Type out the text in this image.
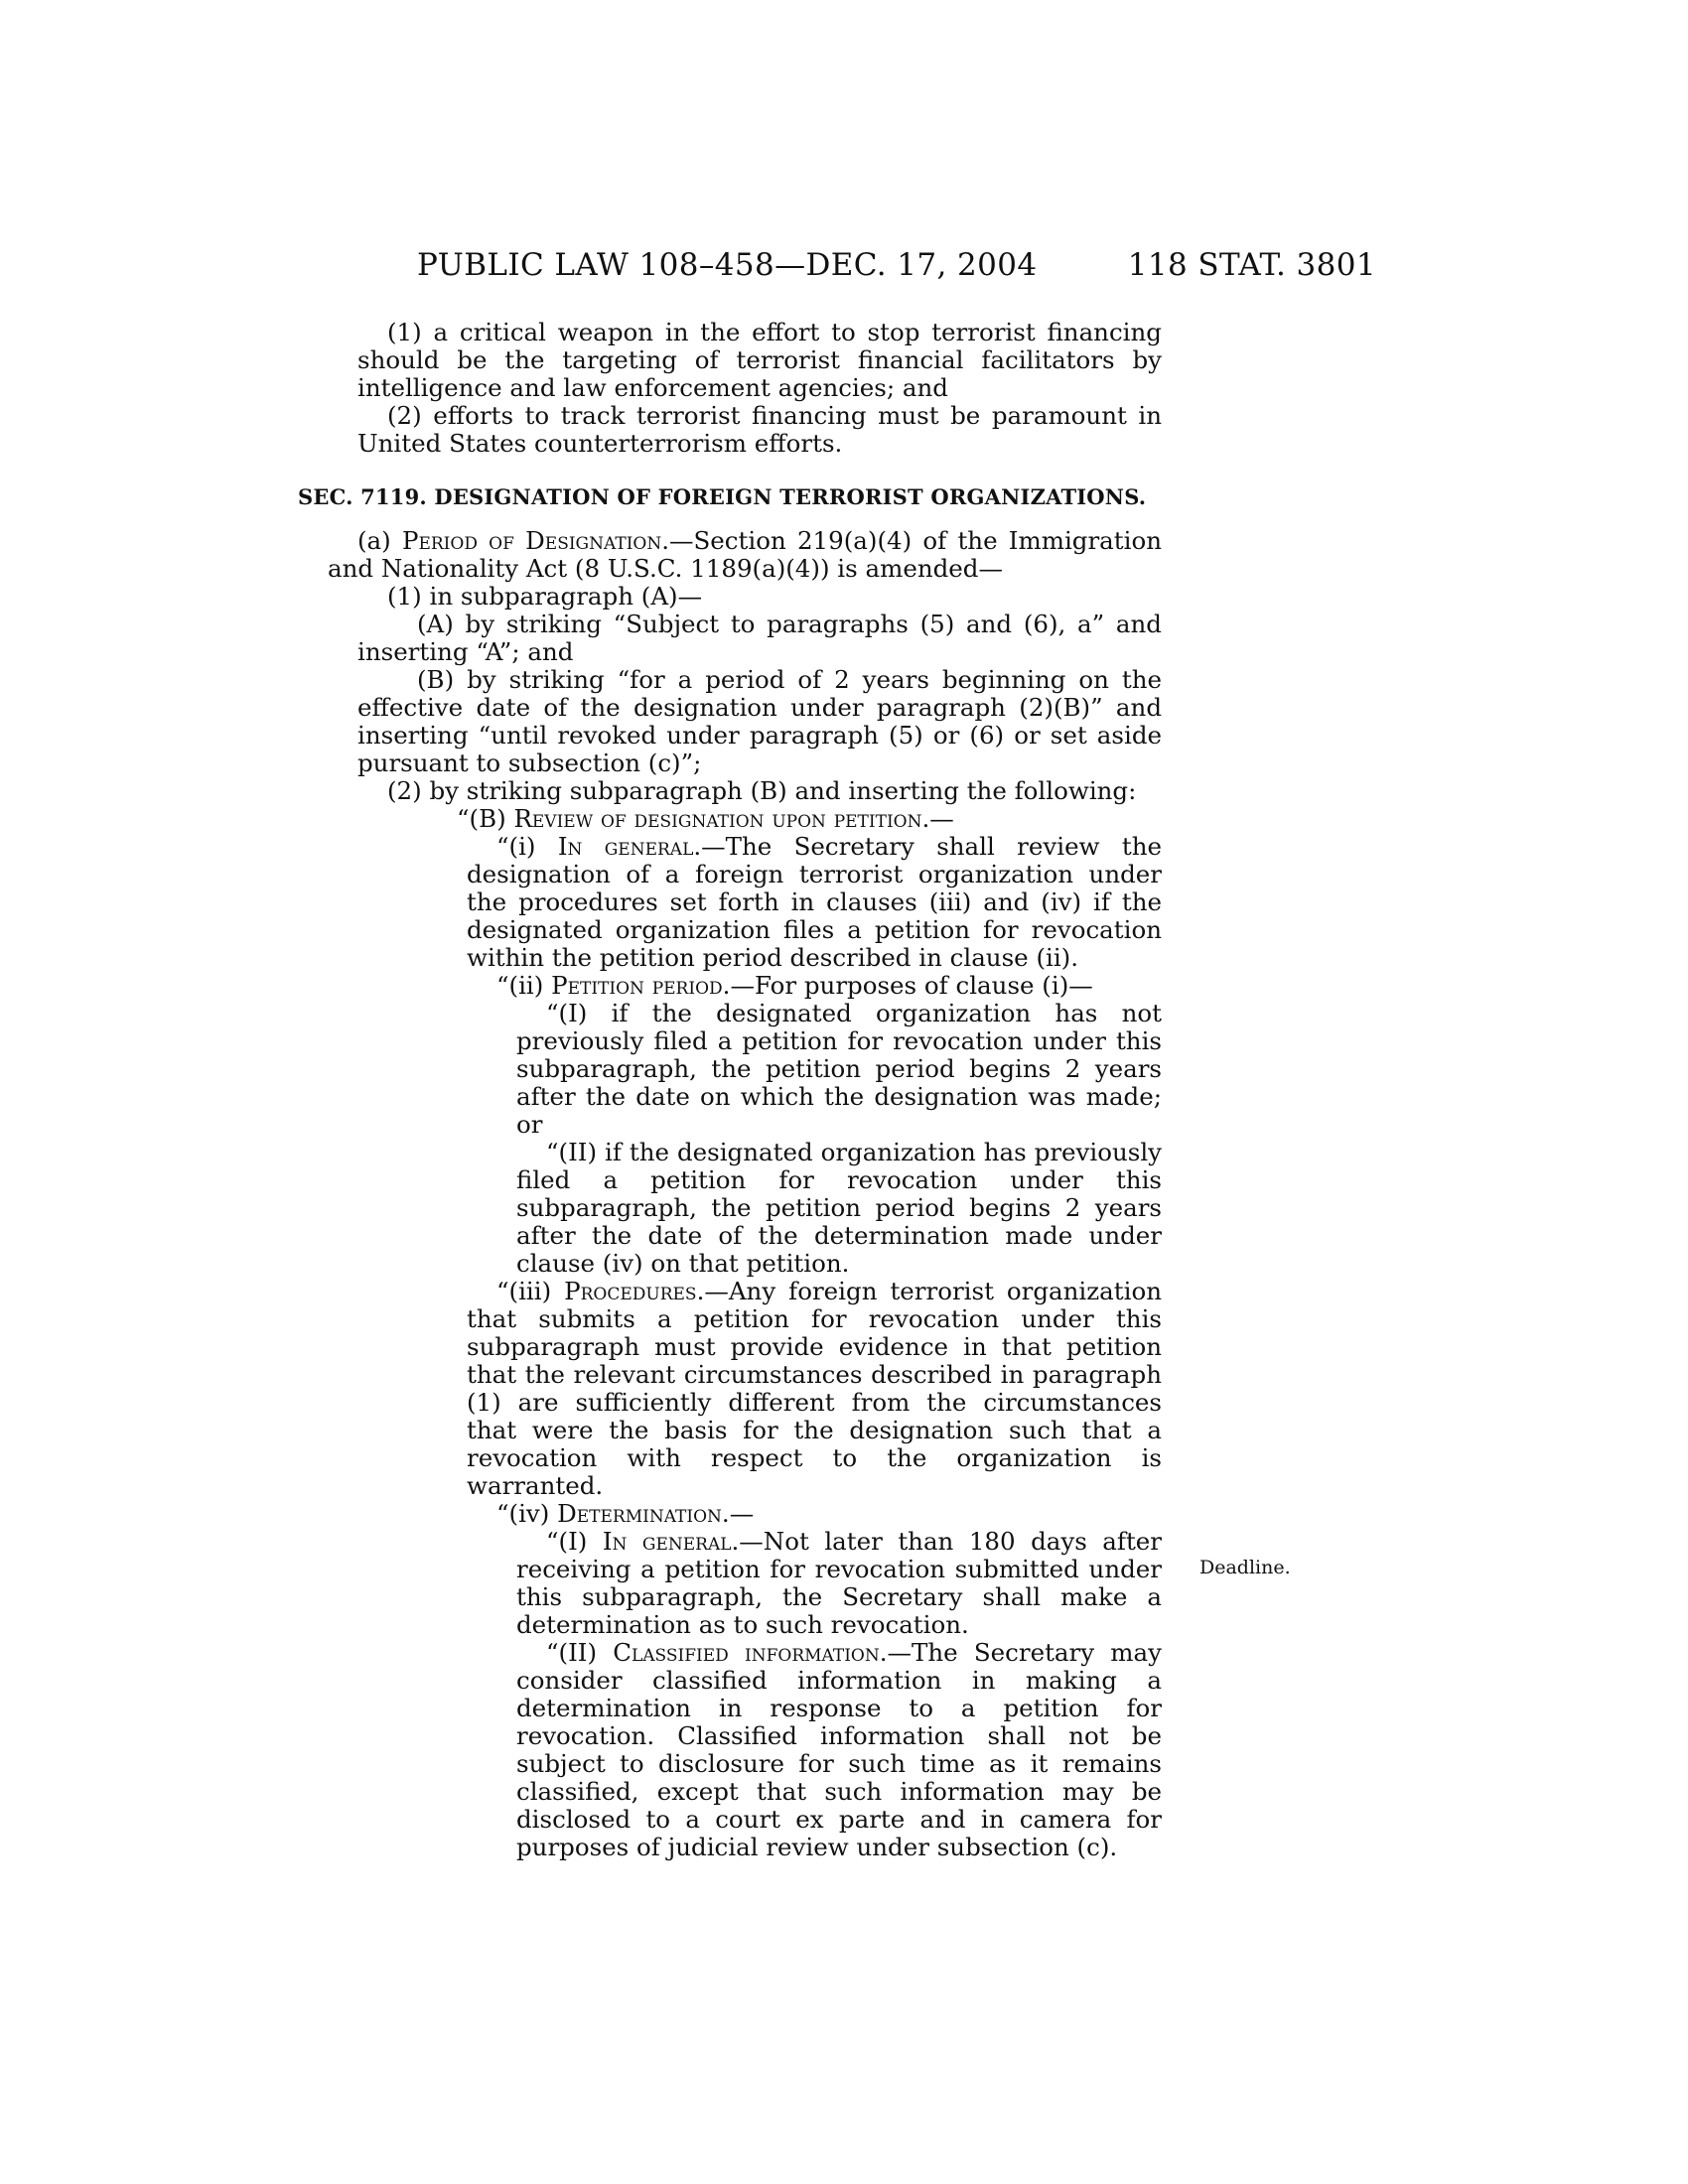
PUBLIC LAW 108–458—DEC. 17, 2004	118 STAT. 3801

(1) a critical weapon in the effort to stop terrorist financing should be the targeting of terrorist financial facilitators by intelligence and law enforcement agencies; and

(2) efforts to track terrorist financing must be paramount in United States counterterrorism efforts.

SEC. 7119. DESIGNATION OF FOREIGN TERRORIST ORGANIZATIONS.

(a) Period of Designation.—Section 219(a)(4) of the Immigration and Nationality Act (8 U.S.C. 1189(a)(4)) is amended—

(1) in subparagraph (A)—

(A) by striking “Subject to paragraphs (5) and (6), a” and inserting “A”; and

(B) by striking “for a period of 2 years beginning on the effective date of the designation under paragraph (2)(B)” and inserting “until revoked under paragraph (5) or (6) or set aside pursuant to subsection (c)”;

(2) by striking subparagraph (B) and inserting the following:

“(B) Review of designation upon petition.—

“(i) In general.—The Secretary shall review the designation of a foreign terrorist organization under the procedures set forth in clauses (iii) and (iv) if the designated organization files a petition for revocation within the petition period described in clause (ii).

“(ii) Petition period.—For purposes of clause (i)—

“(I) if the designated organization has not previously filed a petition for revocation under this subparagraph, the petition period begins 2 years after the date on which the designation was made; or

“(II) if the designated organization has previously filed a petition for revocation under this subparagraph, the petition period begins 2 years after the date of the determination made under clause (iv) on that petition.

“(iii) Procedures.—Any foreign terrorist organization that submits a petition for revocation under this subparagraph must provide evidence in that petition that the relevant circumstances described in paragraph (1) are sufficiently different from the circumstances that were the basis for the designation such that a revocation with respect to the organization is warranted.

“(iv) Determination.—

“(I) In general.—Not later than 180 days after receiving a petition for revocation submitted under this subparagraph, the Secretary shall make a determination as to such revocation.

“(II) Classified information.—The Secretary may consider classified information in making a determination in response to a petition for revocation. Classified information shall not be subject to disclosure for such time as it remains classified, except that such information may be disclosed to a court ex parte and in camera for purposes of judicial review under subsection (c).

Deadline.
